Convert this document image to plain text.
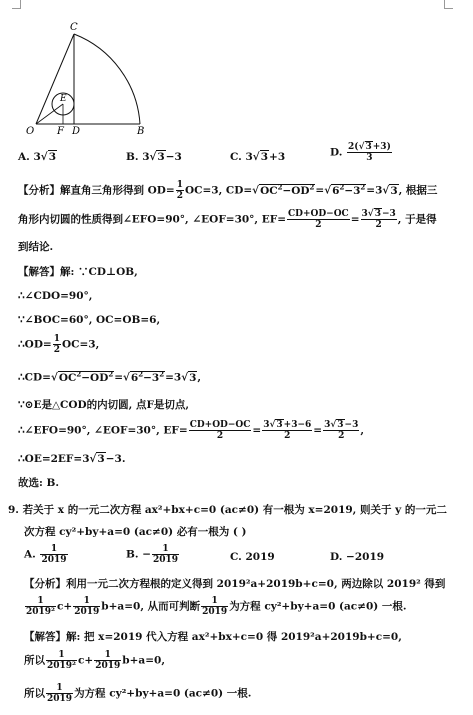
C
E
O F D	B
A. 3√3	B. 3√3−3	C. 3√3+3	D. $\frac{2(√3+3)}{3}$
【分析】解直角三角形得到 $OD= \frac{1}{2} OC=3$, $CD=√OC^2-OD^2=√6^2-3^2=3√3$, 根据三
角形内切圆的性质得到∠EFO=90°, ∠EOF=30°, $EF= \frac{CD+OD-OC}{2} = \frac{3√3-3}{2}$ , 于是得
到结论.
【解答】解: ∵CD⊥OB,
∴∠CDO=90°,
∵∠BOC=60°, OC=OB=6,
∴OD= $\frac{1}{2} OC=3$,
$\therefore CD=√OC^2-OD^2=√6^2-3^2=3√3$,
∵⊙E是△COD的内切圆, 点F是切点,
∴∠EFO=90°, ∠EOF=30°, $EF= \frac{CD+OD-OC}{2} = \frac{3√3+3-6}{2} = \frac{3√3-3}{2}$ ,
∴OE=2EF=3√3−3.
故选: B.
9. 若关于 x 的一元二次方程 ax²+bx+c=0 (ac≠0) 有一根为 x=2019, 则关于 y 的一元二
次方程 cy²+by+a=0 (ac≠0) 必有一根为 ( )
A. $\frac{1}{2019}$	B. − $\frac{1}{2019}$	C. 2019	D. −2019
【分析】利用一元二次方程根的定义得到 2019²a+2019b+c=0, 两边除以 2019² 得到
$\frac{1}{\text{2019²}} c+ \frac{1}{2019} b+a=0$, 从而可判断 $\frac{1}{2019}$ 为方程 cy²+by+a=0 (ac≠0) 一根.
【解答】解: 把 x=2019 代入方程 ax²+bx+c=0 得 2019²a+2019b+c=0,
所以 $\frac{1}{\text{2019²}} c+ \frac{1}{2019} b+a=0$,
所以 $\frac{1}{2019}$ 为方程 cy²+by+a=0 (ac≠0) 一根.
